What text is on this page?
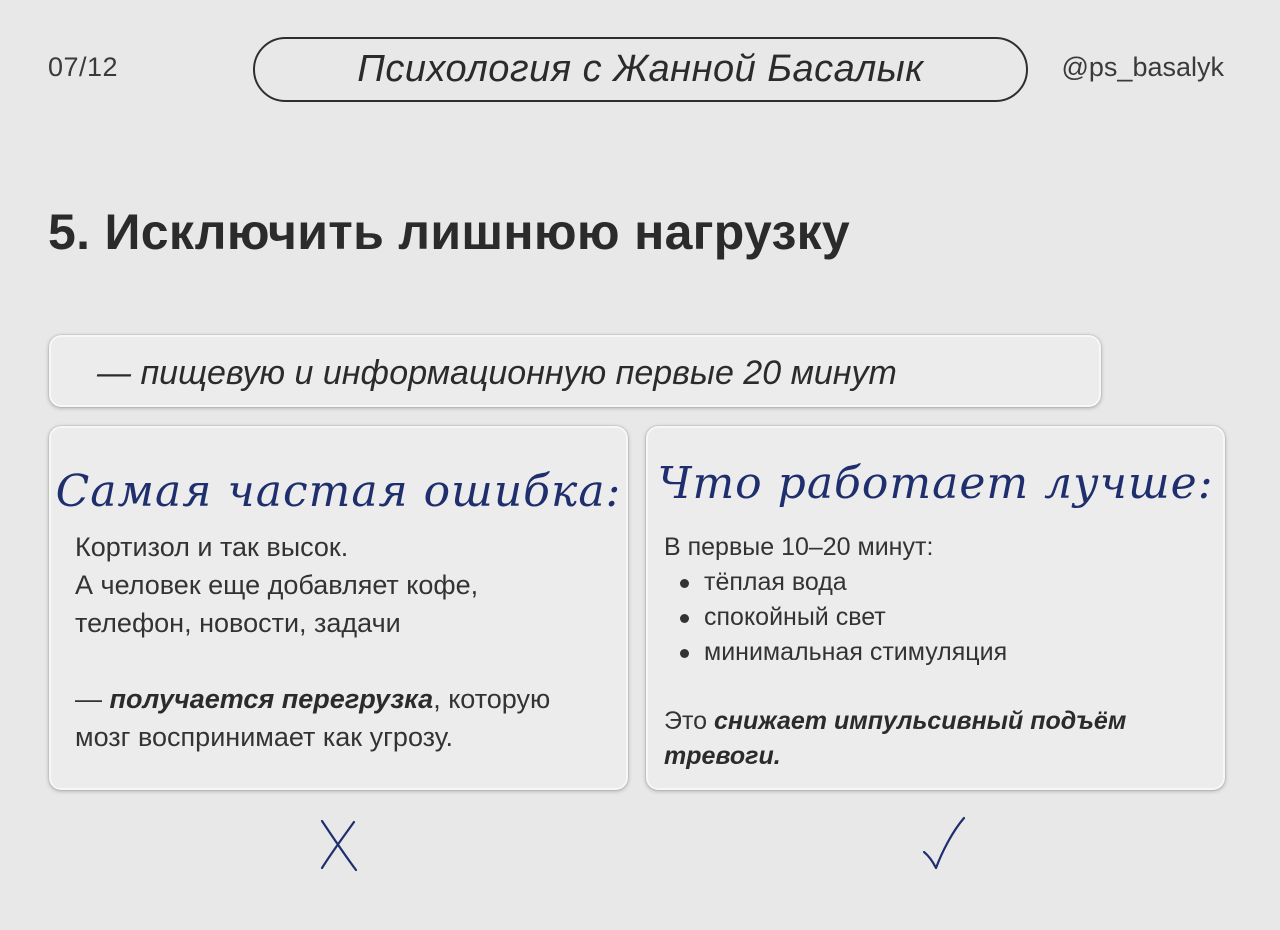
07/12	Психология с Жанной Басалык	@ps_basalyk
5. Исключить лишнюю нагрузку
— пищевую и информационную первые 20 минут
Самая частая ошибка:
Кортизол и так высок.
А человек еще добавляет кофе,
телефон, новости, задачи
— получается перегрузка, которую
мозг воспринимает как угрозу.
Что работает лучше:
В первые 10–20 минут:
тёплая вода
спокойный свет
минимальная стимуляция
Это снижает импульсивный подъём
тревоги.
